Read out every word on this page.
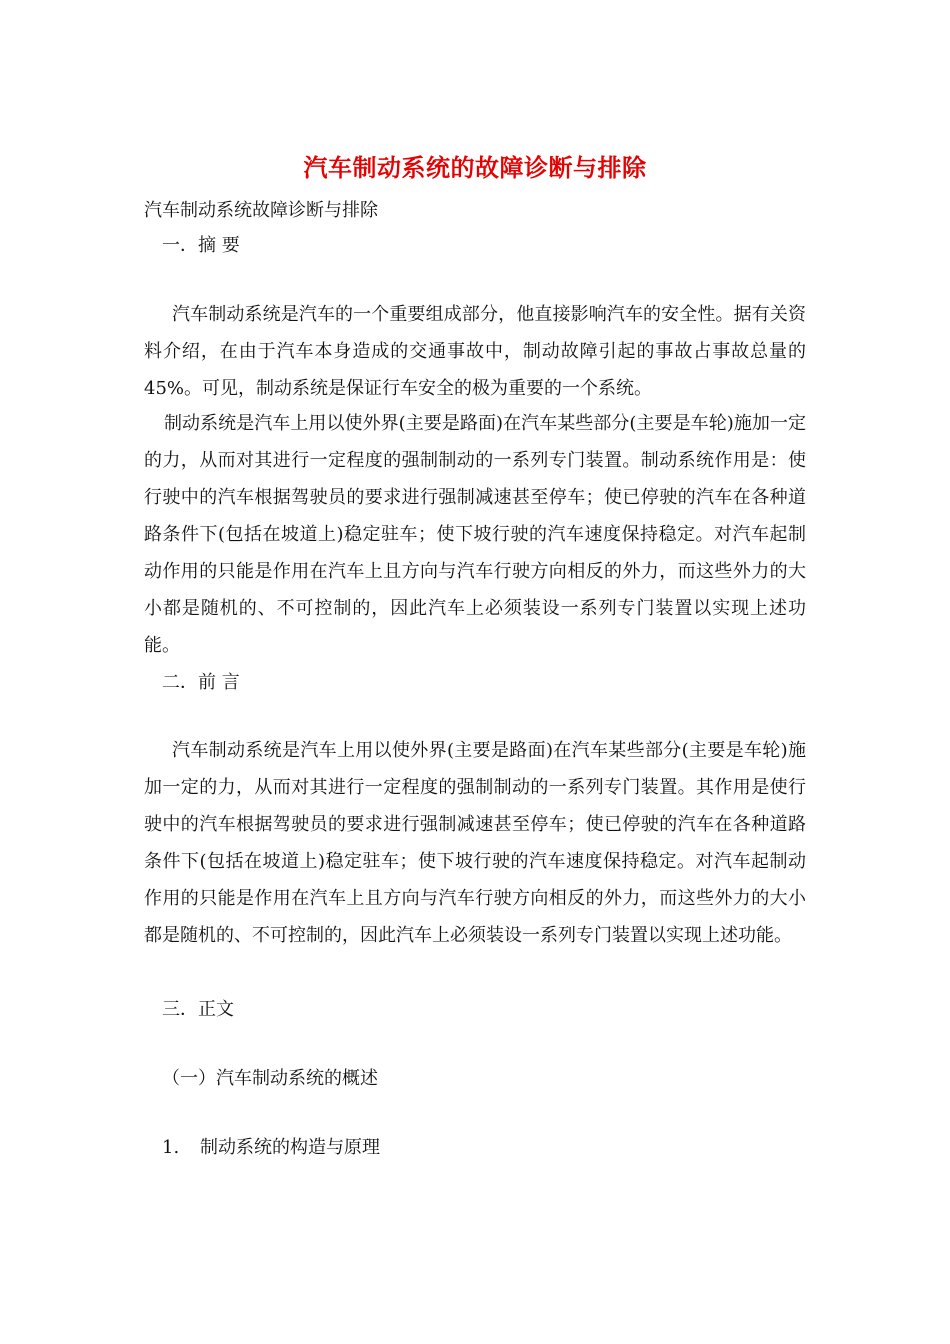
汽车制动系统的故障诊断与排除
汽车制动系统故障诊断与排除
一．摘 要

汽车制动系统是汽车的一个重要组成部分，他直接影响汽车的安全性。据有关资料介绍，在由于汽车本身造成的交通事故中，制动故障引起的事故占事故总量的45%。可见，制动系统是保证行车安全的极为重要的一个系统。

制动系统是汽车上用以使外界(主要是路面)在汽车某些部分(主要是车轮)施加一定的力，从而对其进行一定程度的强制制动的一系列专门装置。制动系统作用是：使行驶中的汽车根据驾驶员的要求进行强制减速甚至停车；使已停驶的汽车在各种道路条件下(包括在坡道上)稳定驻车；使下坡行驶的汽车速度保持稳定。对汽车起制动作用的只能是作用在汽车上且方向与汽车行驶方向相反的外力，而这些外力的大小都是随机的、不可控制的，因此汽车上必须装设一系列专门装置以实现上述功能。

二．前 言

汽车制动系统是汽车上用以使外界(主要是路面)在汽车某些部分(主要是车轮)施加一定的力，从而对其进行一定程度的强制制动的一系列专门装置。其作用是使行驶中的汽车根据驾驶员的要求进行强制减速甚至停车；使已停驶的汽车在各种道路条件下(包括在坡道上)稳定驻车；使下坡行驶的汽车速度保持稳定。对汽车起制动作用的只能是作用在汽车上且方向与汽车行驶方向相反的外力，而这些外力的大小都是随机的、不可控制的，因此汽车上必须装设一系列专门装置以实现上述功能。

三．正文
（一）汽车制动系统的概述
1. 制动系统的构造与原理
